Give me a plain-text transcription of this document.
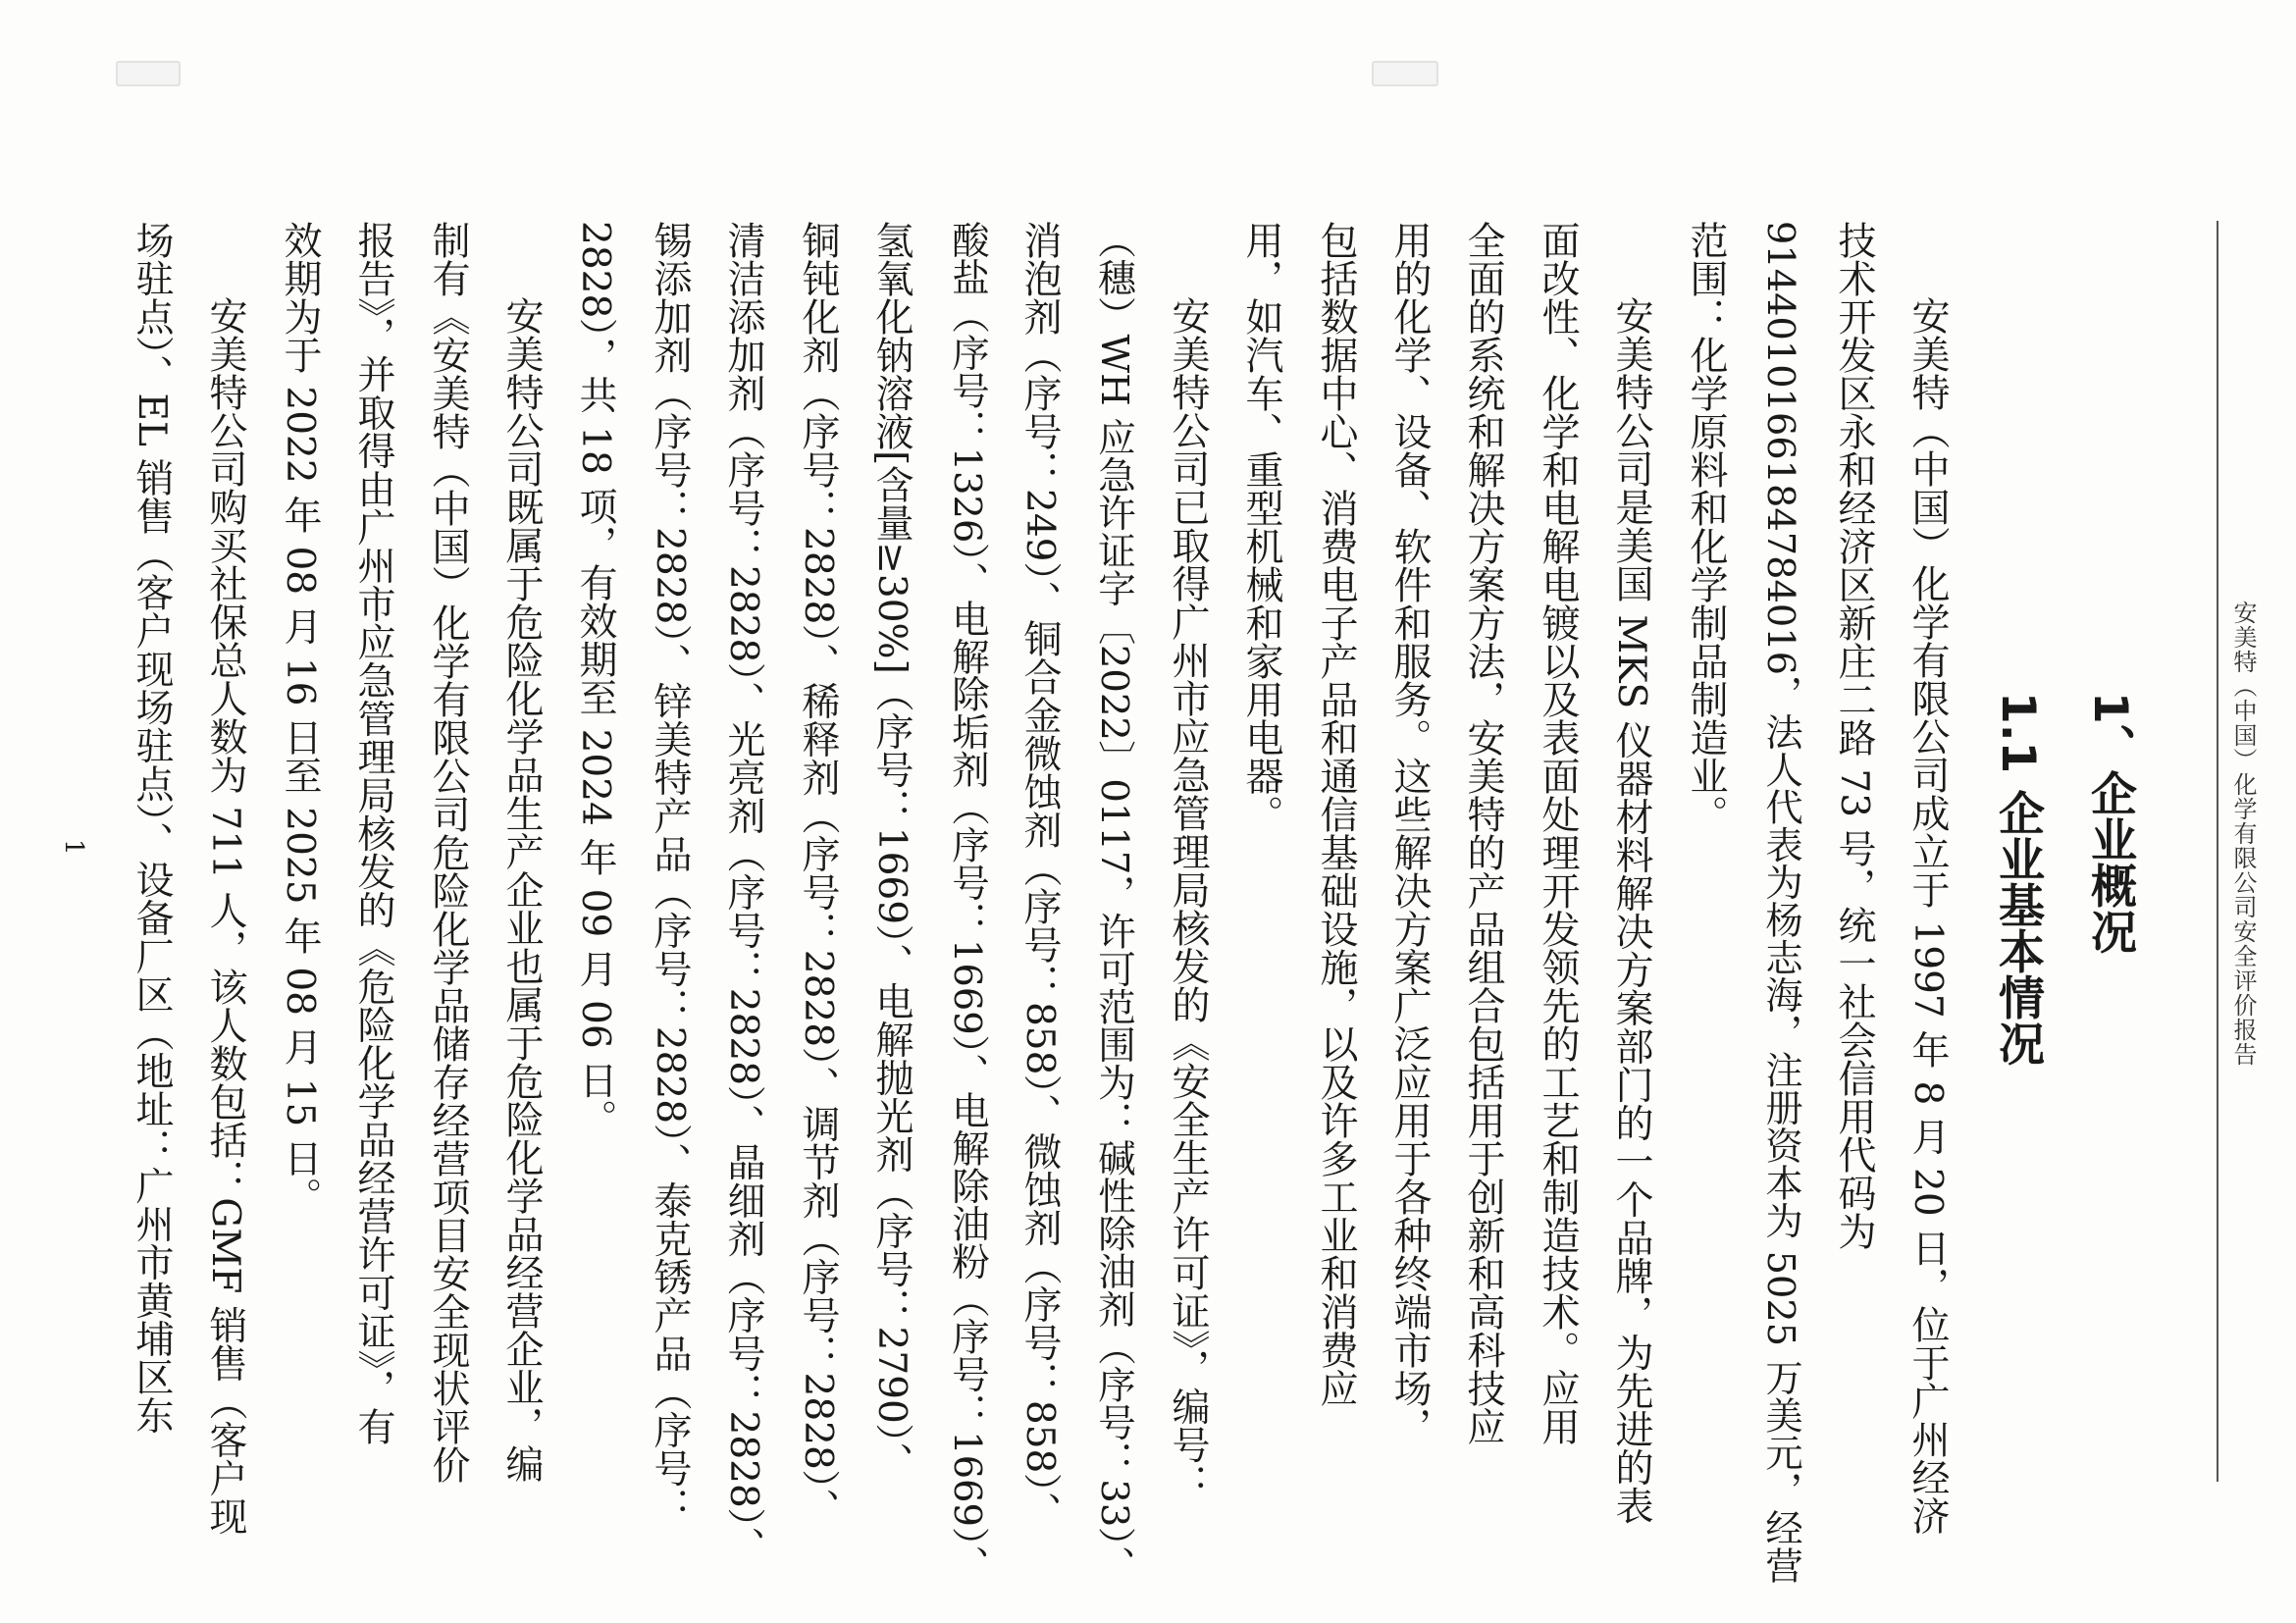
安美特（中国）化学有限公司安全评价报告
1、企业概况
1.1 企业基本情况
安美特（中国）化学有限公司成立于 1997 年 8 月 20 日，位于广州经济
技术开发区永和经济区新庄二路 73 号，统一社会信用代码为
914401016618478401​6，法人代表为杨志海，注册资本为 5025 万美元，经营
范围：化学原料和化学制品制造业。
安美特公司是美国 MKS 仪器材料解决方案部门的一个品牌，为先进的表
面改性、化学和电解电镀以及表面处理开发领先的工艺和制造技术。应用
全面的系统和解决方案方法，安美特的产品组合包括用于创新和高科技应
用的化学、设备、软件和服务。这些解决方案广泛应用于各种终端市场，
包括数据中心、消费电子产品和通信基础设施，以及许多工业和消费应
用，如汽车、重型机械和家用电器。
安美特公司已取得广州市应急管理局核发的《安全生产许可证》，编号：
（穗）WH 应急许证字〔2022〕0117，许可范围为：碱性除油剂（序号：33）、
消泡剂（序号：249）、铜合金微蚀剂（序号：858）、微蚀剂（序号：858）、
酸盐（序号：1326）、电解除垢剂（序号：1669）、电解除油粉（序号：1669）、
氢氧化钠溶液[含量≥30%]（序号：1669）、电解抛光剂（序号：2790）、
铜钝化剂（序号：2828）、稀释剂（序号：2828）、调节剂（序号：2828）、
清洁添加剂（序号：2828）、光亮剂（序号：2828）、晶细剂（序号：2828）、
锡添加剂（序号：2828）、锌美特产品（序号：2828）、泰克锈产品（序号：
2828），共 18 项，有效期至 2024 年 09 月 06 日。
安美特公司既属于危险化学品生产企业也属于危险化学品经营企业，编
制有《安美特（中国）化学有限公司危险化学品储存经营项目安全现状评价
报告》，并取得由广州市应急管理局核发的《危险化学品经营许可证》，有
效期为于 2022 年 08 月 16 日至 2025 年 08 月 15 日。
安美特公司购买社保总人数为 711 人，该人数包括：GMF 销售（客户现
场驻点）、EL 销售（客户现场驻点）、设备厂区（地址：广州市黄埔区东
1
